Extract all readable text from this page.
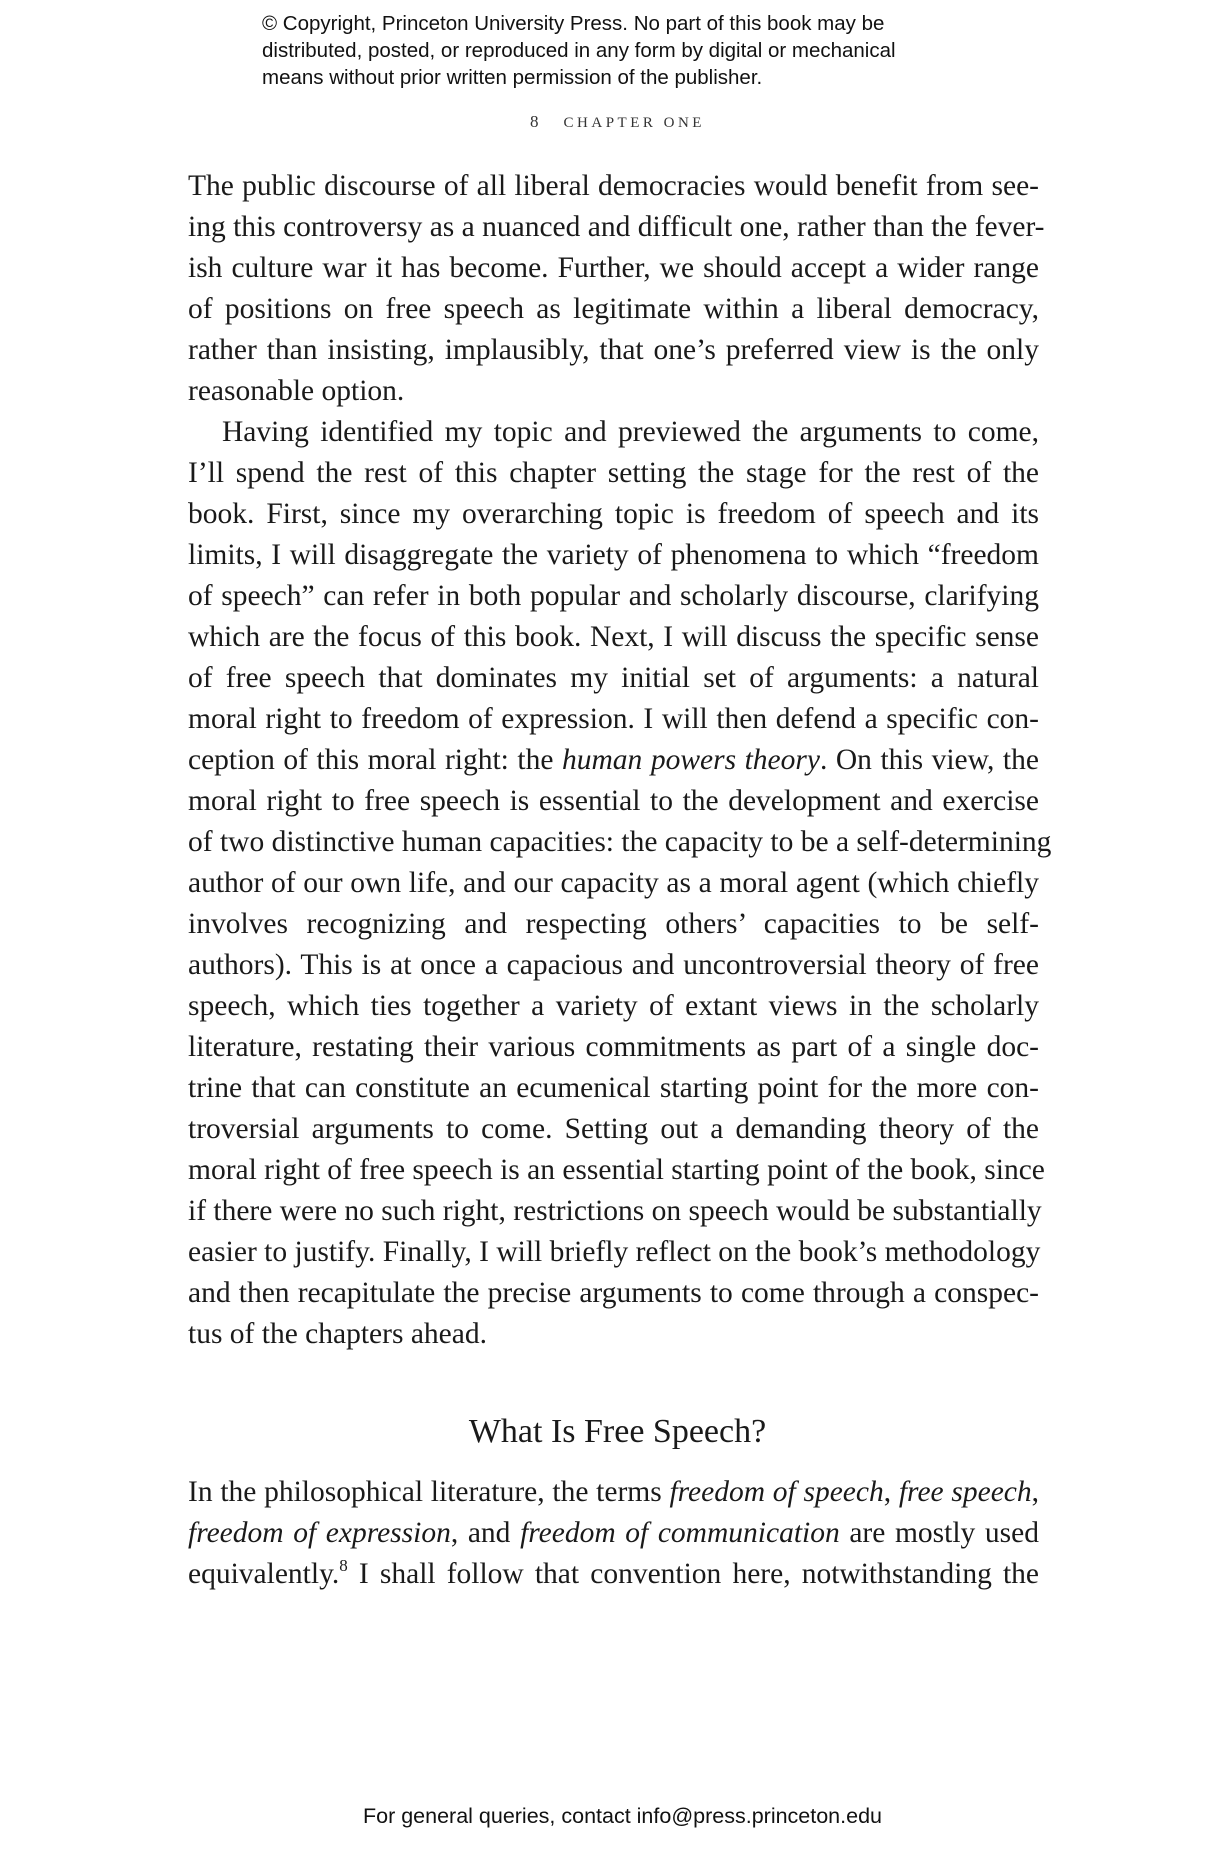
© Copyright, Princeton University Press. No part of this book may be
distributed, posted, or reproduced in any form by digital or mechanical
means without prior written permission of the publisher.
8 CHAPTER ONE
The public discourse of all liberal democracies would benefit from see-
ing this controversy as a nuanced and difficult one, rather than the fever-
ish culture war it has become. Further, we should accept a wider range
of positions on free speech as legitimate within a liberal democracy,
rather than insisting, implausibly, that one’s preferred view is the only
reasonable option.
Having identified my topic and previewed the arguments to come,
I’ll spend the rest of this chapter setting the stage for the rest of the
book. First, since my overarching topic is freedom of speech and its
limits, I will disaggregate the variety of phenomena to which “freedom
of speech” can refer in both popular and scholarly discourse, clarifying
which are the focus of this book. Next, I will discuss the specific sense
of free speech that dominates my initial set of arguments: a natural
moral right to freedom of expression. I will then defend a specific con-
ception of this moral right: the human powers theory. On this view, the
moral right to free speech is essential to the development and exercise
of two distinctive human capacities: the capacity to be a self-determining
author of our own life, and our capacity as a moral agent (which chiefly
involves recognizing and respecting others’ capacities to be self-
authors). This is at once a capacious and uncontroversial theory of free
speech, which ties together a variety of extant views in the scholarly
literature, restating their various commitments as part of a single doc-
trine that can constitute an ecumenical starting point for the more con-
troversial arguments to come. Setting out a demanding theory of the
moral right of free speech is an essential starting point of the book, since
if there were no such right, restrictions on speech would be substantially
easier to justify. Finally, I will briefly reflect on the book’s methodology
and then recapitulate the precise arguments to come through a conspec-
tus of the chapters ahead.
What Is Free Speech?
In the philosophical literature, the terms freedom of speech, free speech,
freedom of expression, and freedom of communication are mostly used
equivalently.$^8$ I shall follow that convention here, notwithstanding the
For general queries, contact info@press.princeton.edu
